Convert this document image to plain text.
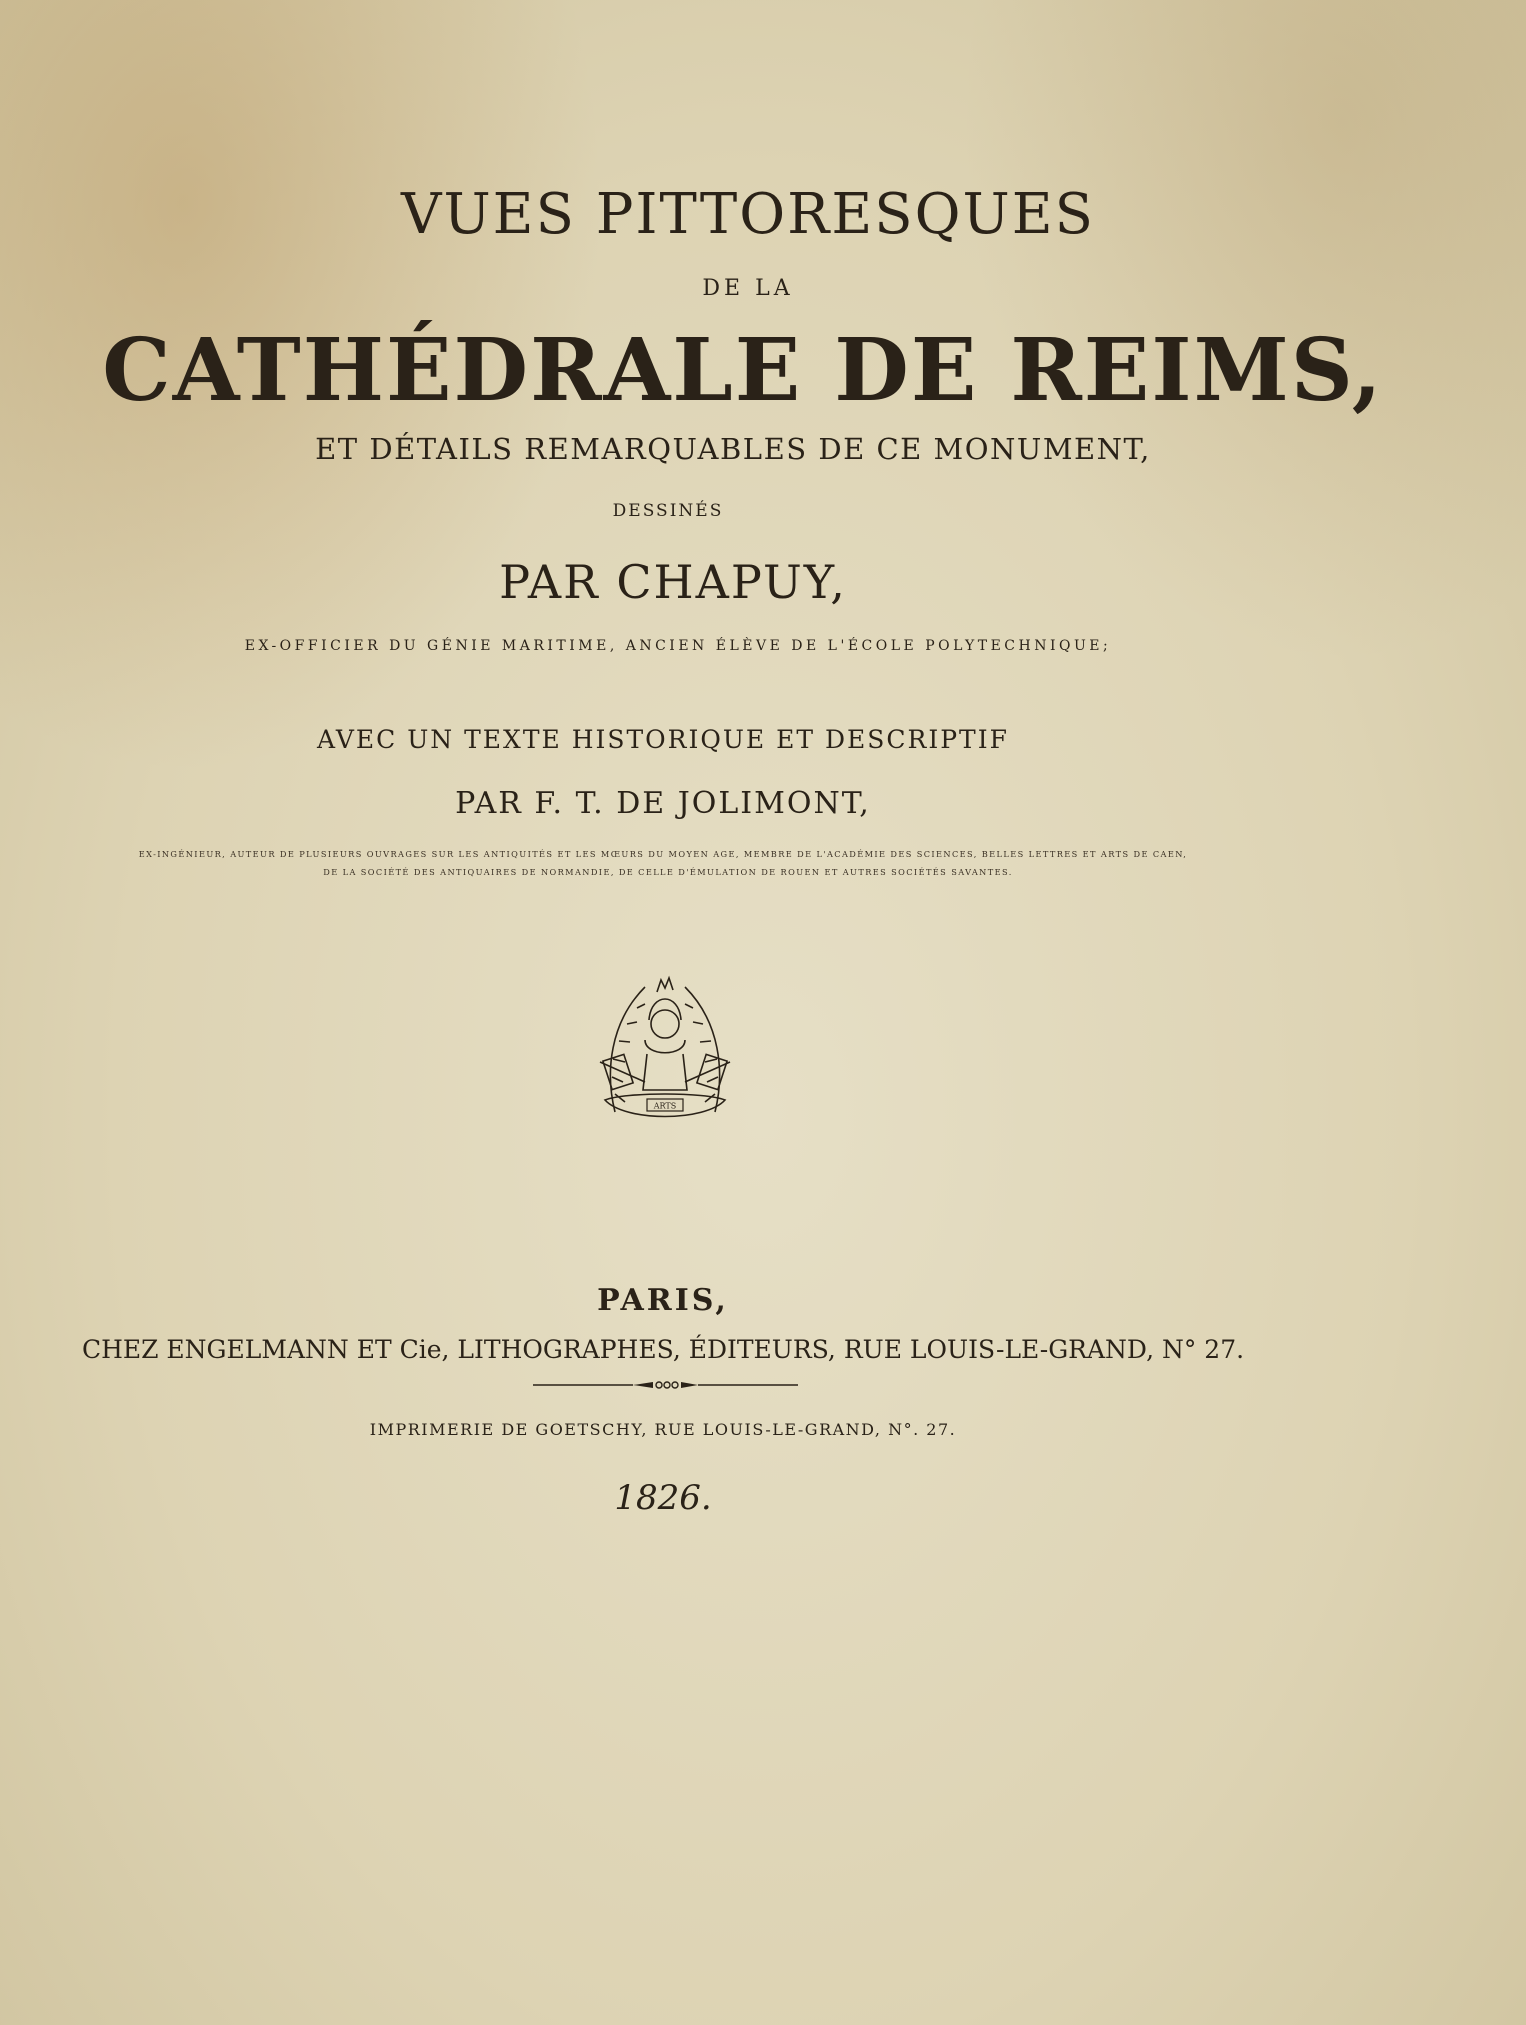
VUES PITTORESQUES
DE LA
CATHÉDRALE DE REIMS,
ET DÉTAILS REMARQUABLES DE CE MONUMENT,
DESSINÉS
PAR CHAPUY,
EX-OFFICIER DU GÉNIE MARITIME, ANCIEN ÉLÈVE DE L'ÉCOLE POLYTECHNIQUE;
AVEC UN TEXTE HISTORIQUE ET DESCRIPTIF
PAR F. T. DE JOLIMONT,
EX-INGÉNIEUR, AUTEUR DE PLUSIEURS OUVRAGES SUR LES ANTIQUITÉS ET LES MŒURS DU MOYEN AGE, MEMBRE DE L'ACADÉMIE DES SCIENCES, BELLES LETTRES ET ARTS DE CAEN,
DE LA SOCIÉTÉ DES ANTIQUAIRES DE NORMANDIE, DE CELLE D'ÉMULATION DE ROUEN ET AUTRES SOCIÉTÉS SAVANTES.
ARTS
PARIS,
CHEZ ENGELMANN ET Cie, LITHOGRAPHES, ÉDITEURS, RUE LOUIS-LE-GRAND, N° 27.
IMPRIMERIE DE GOETSCHY, RUE LOUIS-LE-GRAND, N°. 27.
1826.
